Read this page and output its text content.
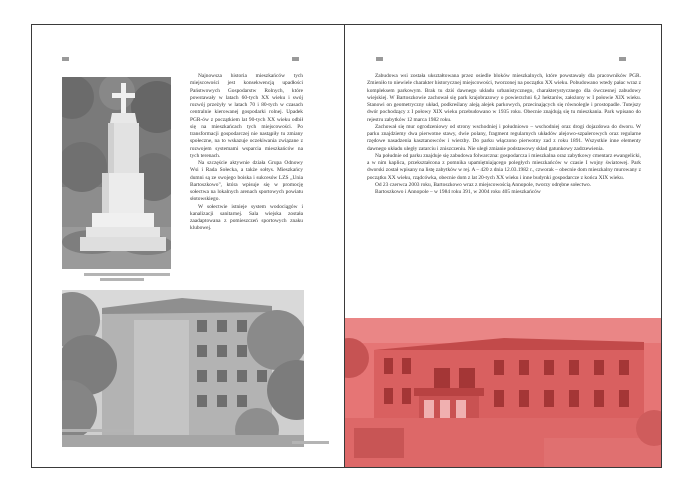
Najnowsza historia mieszkańców tych miejscowości jest konsekwencją upadłości Państwowych Gospodarstw Rolnych, które powstawały w latach 60-tych XX wieku i swój rozwój przeżyły w latach 70 i 80-tych w czasach centralnie kierowanej gospodarki rolnej. Upadek PGR-ów z początkiem lat 90-tych XX wieku odbił się na mieszkańcach tych miejscowości. Po transformacji gospodarczej nie nastąpiły tu zmiany społeczne, na to wskazuje oczekiwania związane z rozwojem systemami wsparcia mieszkańców na tych terenach.

Na szczęście aktywnie działa Grupa Odnowy Wsi i Rada Sołecka, a także sołtys. Mieszkańcy dumni są ze swojego boiska i sukcesów LZS „Unia Bartoszkowo", która wpisuje się w promocję sołectwa na lokalnych arenach sportowych powiatu słotowskiego.

W sołectwie istnieje system wodociągów i kanalizacji sanitarnej. Sala wiejska została zaadaptowana z pomieszczeń sportowych znaku klubowej.

Zabudowa wsi została ukształtowana przez osiedle bloków mieszkalnych, które powstawały dla pracowników PGR. Zmieniło to niewiele charakter historycznej miejscowości, tworzonej na początku XX wieku. Pobudowano wtedy pałac wraz z kompleksem parkowym. Brak tu dziś dawnego układu urbanistycznego, charakterystycznego dla ówczesnej zabudowy wiejskiej. W Bartoszkowie zachował się park krajobrazowy o powierzchni 6,2 hektarów, założony w I połowie XIX wieku. Stanowi on geometryczny układ, podkreślany aleją alejek parkowych, przecinających się równolegle i prostopadle. Tutejszy dwór pochodzący z I połowy XIX wieku przebudowano w 1935 roku. Obecnie znajdują się tu mieszkania. Park wpisano do rejestru zabytków 12 marca 1982 roku.

Zachował się mur ogrodzeniowy od strony wschodniej i południowo – wschodniej oraz drogi dojazdowa do dworu. W parku znajdziemy dwa pierwotne stawy, dwie polany, fragment regularnych układów alejowo-szpalerowych oraz regularne rzędowe nasadzenia kasztanowców i wierzby. Do parku włączono pierwotny zad z roku 1891. Wszystkie inne elementy dawnego układu uległy zatarciu i zniszczeniu. Nie uległ zmianie podstawowy skład gatunkowy zadrzewienia.

Na południe od parku znajduje się zabudowa folwarczna: gospodarcza i mieszkalna oraz zabytkowy cmentarz ewangelicki, a w nim kaplica, przekształcona z pomnika upamiętniającego poległych mieszkańców w czasie I wojny światowej. Park dworski został wpisany na listę zabytków w rej. A – 420 z dnia 12.03.1982 r., czworak – obecnie dom mieszkalny murowany z początku XX wieku, rządcówka, obecnie dom z lat 20-tych XX wieku i inne budynki gospodarcze z końca XIX wieku.

Od 23 czerwca 2003 roku, Bartoszkowo wraz z miejscowością Annopole, tworzy odrębne sołectwo.

Bartoszkowo i Annopole – w 1984 roku 391, w 2004 roku 405 mieszkańców
